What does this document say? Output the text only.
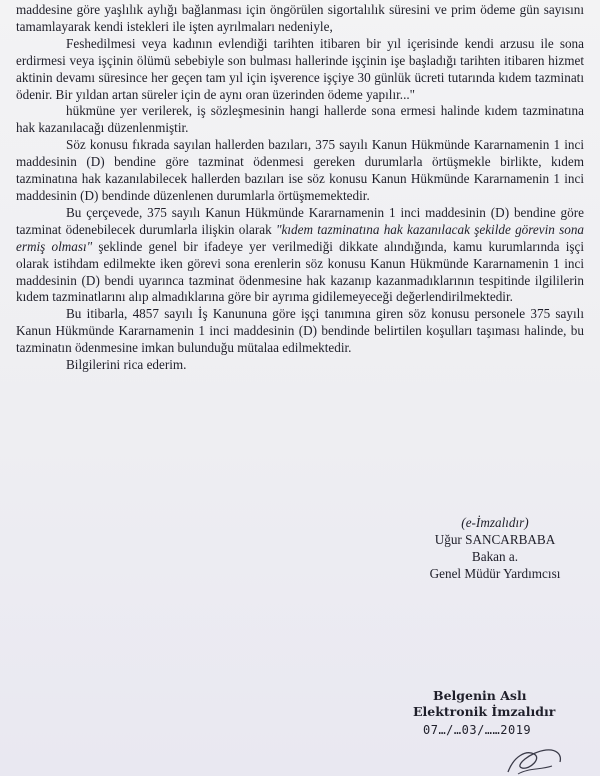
maddesine göre yaşlılık aylığı bağlanması için öngörülen sigortalılık süresini ve prim ödeme gün sayısını tamamlayarak kendi istekleri ile işten ayrılmaları nedeniyle,

Feshedilmesi veya kadının evlendiği tarihten itibaren bir yıl içerisinde kendi arzusu ile sona erdirmesi veya işçinin ölümü sebebiyle son bulması hallerinde işçinin işe başladığı tarihten itibaren hizmet aktinin devamı süresince her geçen tam yıl için işverence işçiye 30 günlük ücreti tutarında kıdem tazminatı ödenir. Bir yıldan artan süreler için de aynı oran üzerinden ödeme yapılır..."

hükmüne yer verilerek, iş sözleşmesinin hangi hallerde sona ermesi halinde kıdem tazminatına hak kazanılacağı düzenlenmiştir.

Söz konusu fıkrada sayılan hallerden bazıları, 375 sayılı Kanun Hükmünde Kararnamenin 1 inci maddesinin (D) bendine göre tazminat ödenmesi gereken durumlarla örtüşmekle birlikte, kıdem tazminatına hak kazanılabilecek hallerden bazıları ise söz konusu Kanun Hükmünde Kararnamenin 1 inci maddesinin (D) bendinde düzenlenen durumlarla örtüşmemektedir.

Bu çerçevede, 375 sayılı Kanun Hükmünde Kararnamenin 1 inci maddesinin (D) bendine göre tazminat ödenebilecek durumlarla ilişkin olarak "kıdem tazminatına hak kazanılacak şekilde görevin sona ermiş olması" şeklinde genel bir ifadeye yer verilmediği dikkate alındığında, kamu kurumlarında işçi olarak istihdam edilmekte iken görevi sona erenlerin söz konusu Kanun Hükmünde Kararnamenin 1 inci maddesinin (D) bendi uyarınca tazminat ödenmesine hak kazanıp kazanmadıklarının tespitinde ilgililerin kıdem tazminatlarını alıp almadıklarına göre bir ayrıma gidilemeyeceği değerlendirilmektedir.

Bu itibarla, 4857 sayılı İş Kanununa göre işçi tanımına giren söz konusu personele 375 sayılı Kanun Hükmünde Kararnamenin 1 inci maddesinin (D) bendinde belirtilen koşulları taşıması halinde, bu tazminatın ödenmesine imkan bulunduğu mütalaa edilmektedir.

Bilgilerini rica ederim.

(e-İmzalıdır)
Uğur SANCARBABA
Bakan a.
Genel Müdür Yardımcısı
Belgenin Aslı
Elektronik İmzalıdır
07…/…03/……2019
